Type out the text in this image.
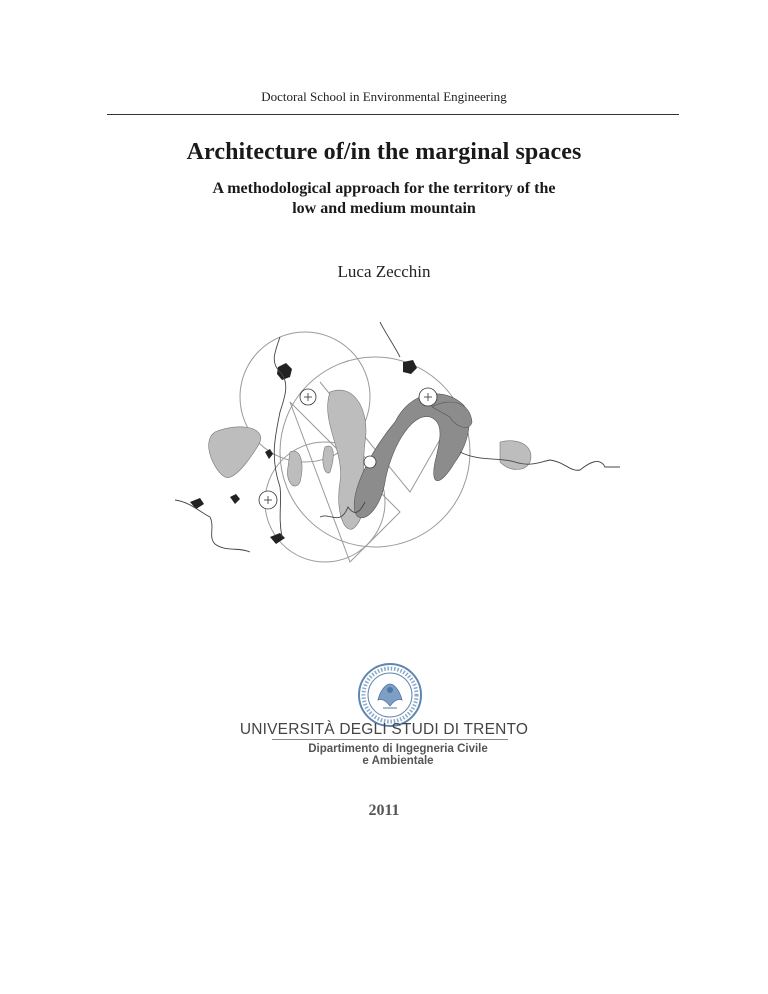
Doctoral School in Environmental Engineering
Architecture of/in the marginal spaces
A methodological approach for the territory of the
low and medium mountain
Luca Zecchin
UNIVERSITÀ DEGLI STUDI DI TRENTO
Dipartimento di Ingegneria Civile
e Ambientale
2011
